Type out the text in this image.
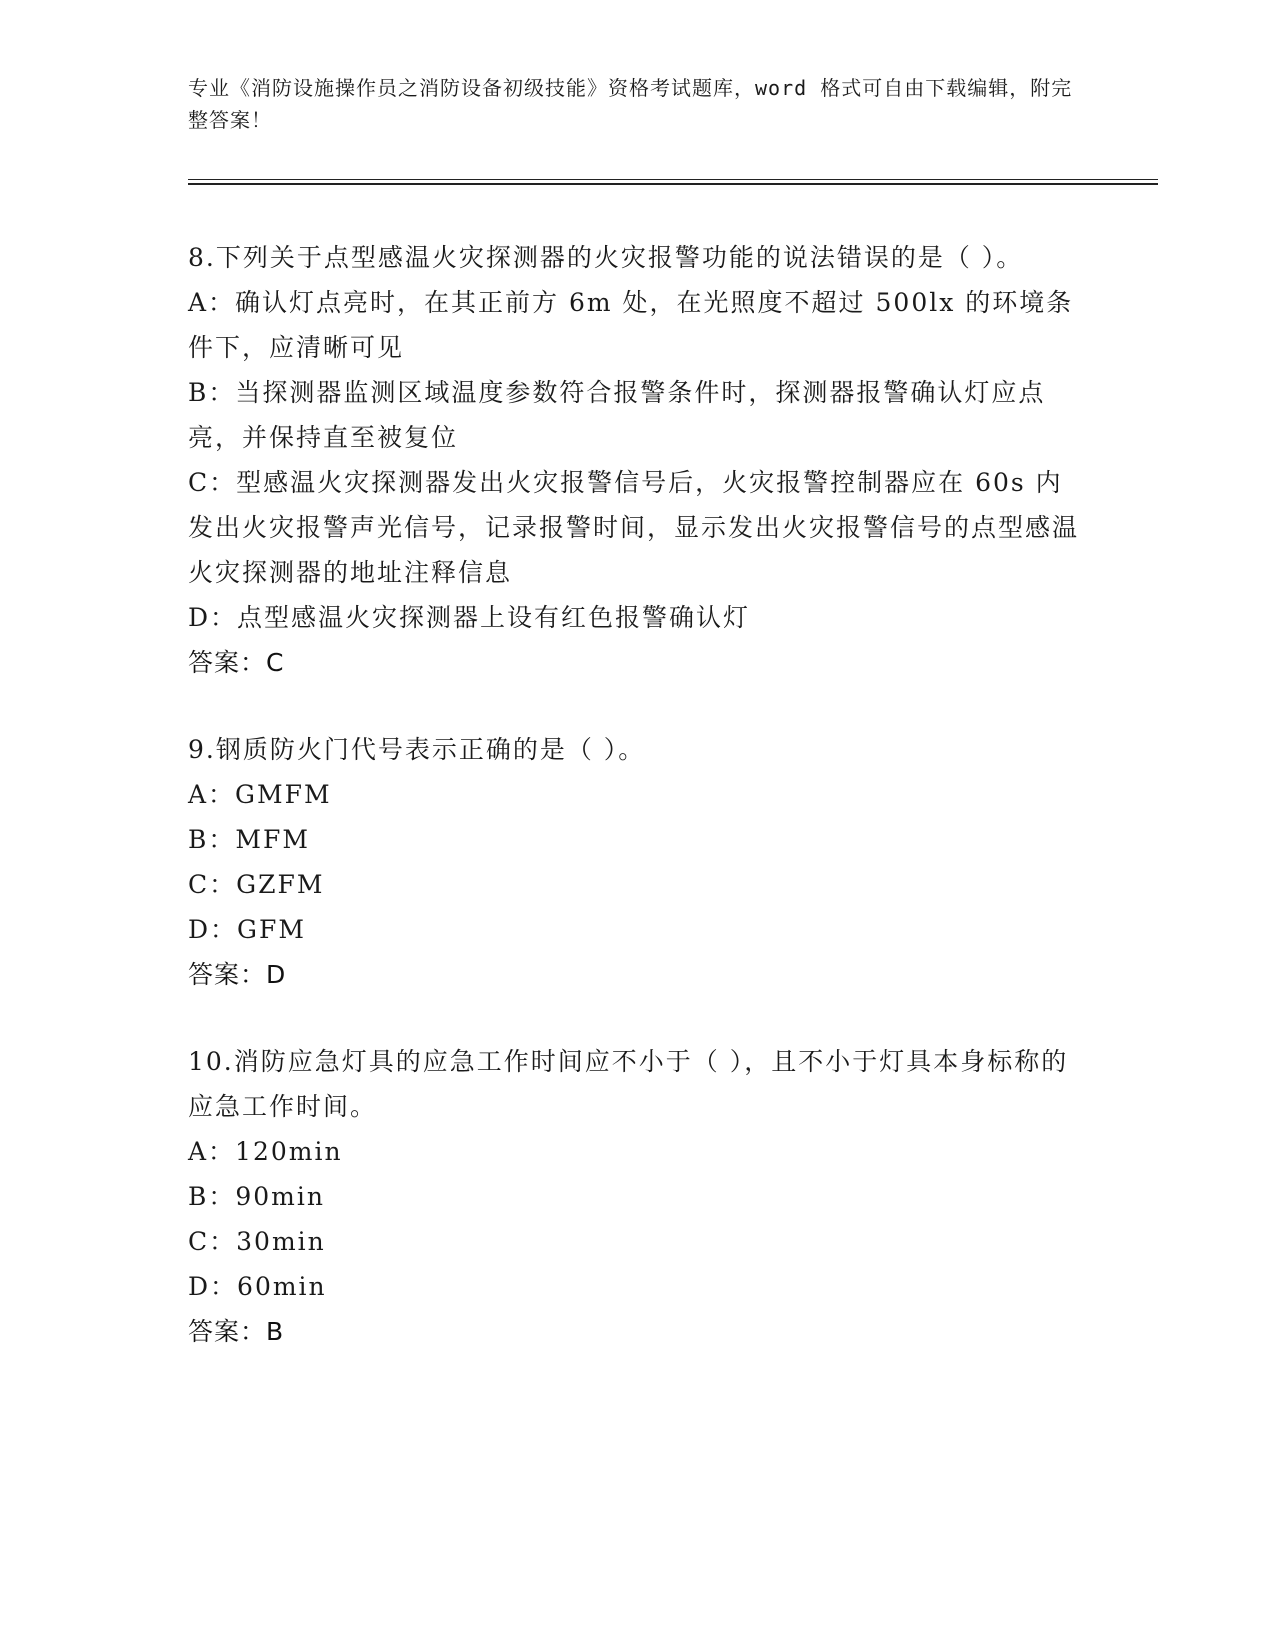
专业《消防设施操作员之消防设备初级技能》资格考试题库，word 格式可自由下载编辑，附完整答案！
8.下列关于点型感温火灾探测器的火灾报警功能的说法错误的是（ ）。
A：确认灯点亮时，在其正前方 6m 处，在光照度不超过 500lx 的环境条件下，应清晰可见
B：当探测器监测区域温度参数符合报警条件时，探测器报警确认灯应点亮，并保持直至被复位
C：型感温火灾探测器发出火灾报警信号后，火灾报警控制器应在 60s 内发出火灾报警声光信号，记录报警时间，显示发出火灾报警信号的点型感温火灾探测器的地址注释信息
D：点型感温火灾探测器上设有红色报警确认灯
答案：C
9.钢质防火门代号表示正确的是（ ）。
A：GMFM
B：MFM
C：GZFM
D：GFM
答案：D
10.消防应急灯具的应急工作时间应不小于（ ），且不小于灯具本身标称的应急工作时间。
A：120min
B：90min
C：30min
D：60min
答案：B
